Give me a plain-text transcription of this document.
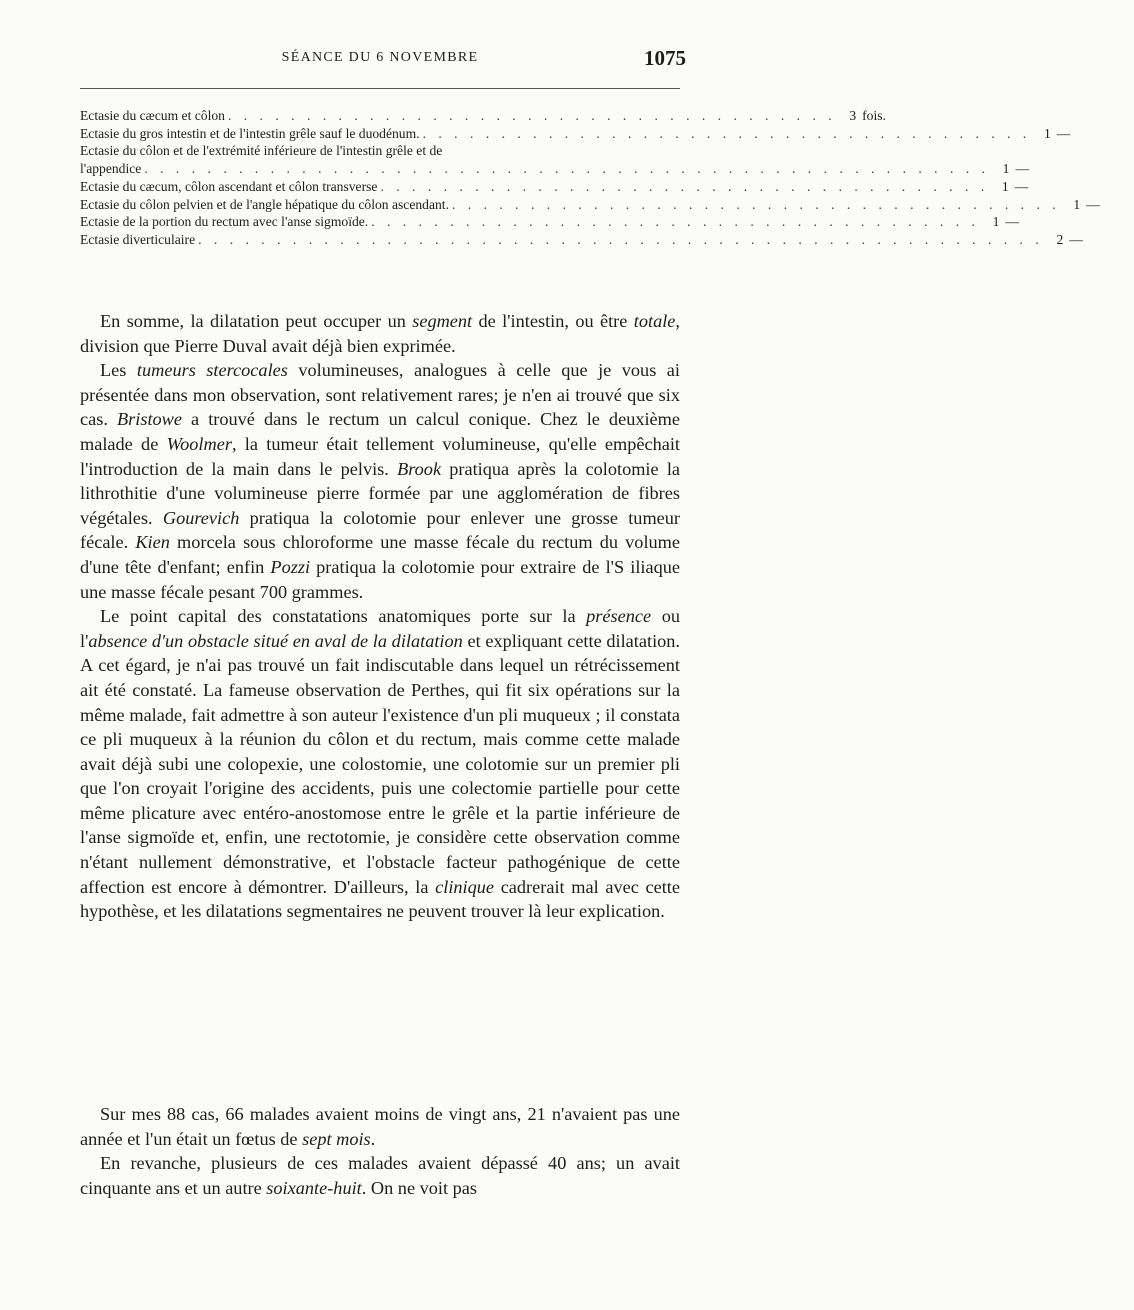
SÉANCE DU 6 NOVEMBRE	1075
Ectasie du cæcum et côlon . . . . . . . . . . . . . . . . . . . . . . . . . . . . . . . . . . . . . . . 3 fois.
Ectasie du gros intestin et de l'intestin grêle sauf le duodénum. . . . . . . . . . . . . . . . . . . . . . . . . . . . . . . . . . . . . . . . 1 —
Ectasie du côlon et de l'extrémité inférieure de l'intestin grêle et de
l'appendice . . . . . . . . . . . . . . . . . . . . . . . . . . . . . . . . . . . . . . . . . . . . . . . . . . . . . . 1 —
Ectasie du cæcum, côlon ascendant et côlon transverse . . . . . . . . . . . . . . . . . . . . . . . . . . . . . . . . . . . . . . . 1 —
Ectasie du côlon pelvien et de l'angle hépatique du côlon ascendant. . . . . . . . . . . . . . . . . . . . . . . . . . . . . . . . . . . . . . . . 1 —
Ectasie de la portion du rectum avec l'anse sigmoïde. . . . . . . . . . . . . . . . . . . . . . . . . . . . . . . . . . . . . . . . 1 —
Ectasie diverticulaire . . . . . . . . . . . . . . . . . . . . . . . . . . . . . . . . . . . . . . . . . . . . . . . . . . . . . . 2 —

En somme, la dilatation peut occuper un segment de l'intestin, ou être totale, division que Pierre Duval avait déjà bien exprimée.

Les tumeurs stercocales volumineuses, analogues à celle que je vous ai présentée dans mon observation, sont relativement rares; je n'en ai trouvé que six cas. Bristowe a trouvé dans le rectum un calcul conique. Chez le deuxième malade de Woolmer, la tumeur était tellement volumineuse, qu'elle empêchait l'introduction de la main dans le pelvis. Brook pratiqua après la colotomie la lithrothitie d'une volumineuse pierre formée par une agglomération de fibres végétales. Gourevich pratiqua la colotomie pour enlever une grosse tumeur fécale. Kien morcela sous chloroforme une masse fécale du rectum du volume d'une tête d'enfant; enfin Pozzi pratiqua la colotomie pour extraire de l'S iliaque une masse fécale pesant 700 grammes.

Le point capital des constatations anatomiques porte sur la présence ou l'absence d'un obstacle situé en aval de la dilatation et expliquant cette dilatation. A cet égard, je n'ai pas trouvé un fait indiscutable dans lequel un rétrécissement ait été constaté. La fameuse observation de Perthes, qui fit six opérations sur la même malade, fait admettre à son auteur l'existence d'un pli muqueux ; il constata ce pli muqueux à la réunion du côlon et du rectum, mais comme cette malade avait déjà subi une colopexie, une colostomie, une colotomie sur un premier pli que l'on croyait l'origine des accidents, puis une colectomie partielle pour cette même plicature avec entéro-anostomose entre le grêle et la partie inférieure de l'anse sigmoïde et, enfin, une rectotomie, je considère cette observation comme n'étant nullement démonstrative, et l'obstacle facteur pathogénique de cette affection est encore à démontrer. D'ailleurs, la clinique cadrerait mal avec cette hypothèse, et les dilatations segmentaires ne peuvent trouver là leur explication.

Sur mes 88 cas, 66 malades avaient moins de vingt ans, 21 n'avaient pas une année et l'un était un fœtus de sept mois.

En revanche, plusieurs de ces malades avaient dépassé 40 ans; un avait cinquante ans et un autre soixante-huit. On ne voit pas
